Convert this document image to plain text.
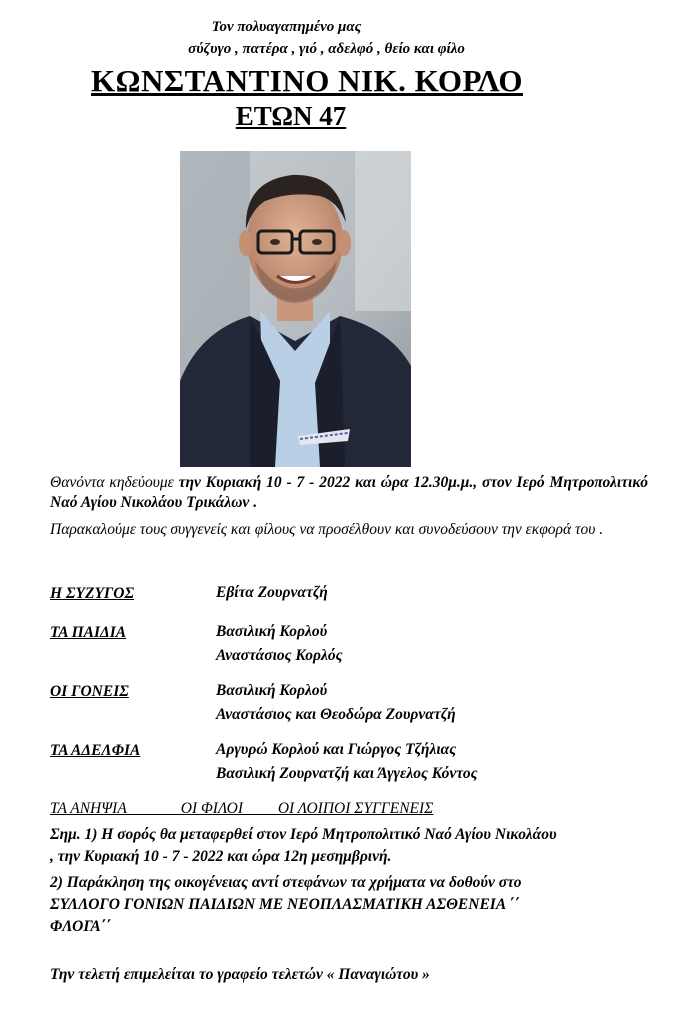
Τον πολυαγαπημένο μας
σύζυγο , πατέρα , γιό , αδελφό , θείο και φίλο
ΚΩΝΣΤΑΝΤΙΝΟ ΝΙΚ. ΚΟΡΛΟ
ΕΤΩΝ 47
Θανόντα κηδεύουμε την Κυριακή 10 - 7 - 2022 και ώρα 12.30μ.μ., στον Ιερό Μητροπολιτικό Ναό Αγίου Νικολάου Τρικάλων .
Παρακαλούμε τους συγγενείς και φίλους να προσέλθουν και συνοδεύσουν την εκφορά του .
Η ΣΥΖΥΓΟΣ	Εβίτα Ζουρνατζή
ΤΑ ΠΑΙΔΙΑ	Βασιλική Κορλού
Αναστάσιος Κορλός
ΟΙ ΓΟΝΕΙΣ	Βασιλική Κορλού
Αναστάσιος και Θεοδώρα Ζουρνατζή
ΤΑ ΑΔΕΛΦΙΑ	Αργυρώ Κορλού και Γιώργος Τζήλιας
Βασιλική Ζουρνατζή και Άγγελος Κόντος
ΤΑ ΑΝΗΨΙΑ              ΟΙ ΦΙΛΟΙ         ΟΙ ΛΟΙΠΟΙ ΣΥΓΓΕΝΕΙΣ
Σημ. 1) Η σορός θα μεταφερθεί στον Ιερό Μητροπολιτικό Ναό Αγίου Νικολάου
, την Κυριακή 10 - 7 - 2022 και ώρα 12η μεσημβρινή.
2) Παράκληση της οικογένειας αντί στεφάνων τα χρήματα να δοθούν στο
ΣΥΛΛΟΓΟ ΓΟΝΙΩΝ ΠΑΙΔΙΩΝ ΜΕ ΝΕΟΠΛΑΣΜΑΤΙΚΗ ΑΣΘΕΝΕΙΑ ΄΄
ΦΛΟΓΑ΄΄
Την τελετή επιμελείται το γραφείο τελετών « Παναγιώτου »
